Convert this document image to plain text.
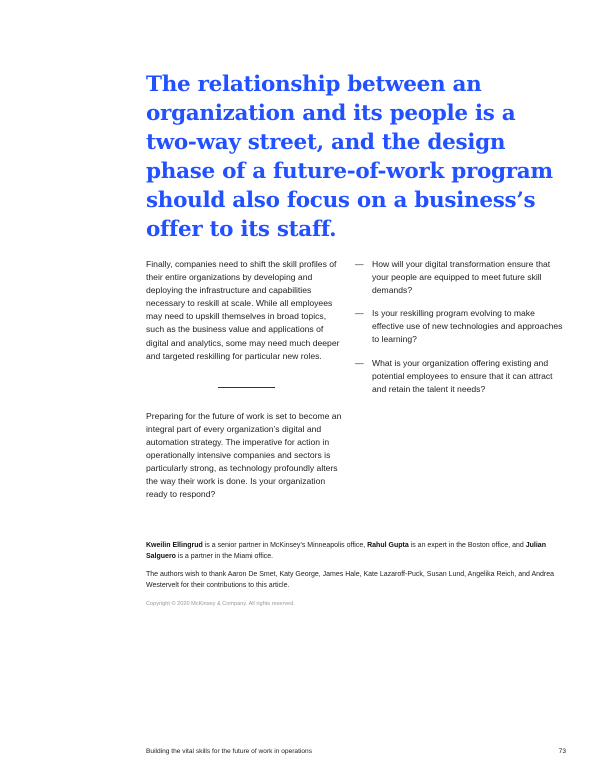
The relationship between an organization and its people is a two-way street, and the design phase of a future-of-work program should also focus on a business’s offer to its staff.

Finally, companies need to shift the skill profiles of their entire organizations by developing and deploying the infrastructure and capabilities necessary to reskill at scale. While all employees may need to upskill themselves in broad topics, such as the business value and applications of digital and analytics, some may need much deeper and targeted reskilling for particular new roles.

Preparing for the future of work is set to become an integral part of every organization’s digital and automation strategy. The imperative for action in operationally intensive companies and sectors is particularly strong, as technology profoundly alters the way their work is done. Is your organization ready to respond?

— How will your digital transformation ensure that your people are equipped to meet future skill demands?
— Is your reskilling program evolving to make effective use of new technologies and approaches to learning?
— What is your organization offering existing and potential employees to ensure that it can attract and retain the talent it needs?

Kweilin Ellingrud is a senior partner in McKinsey’s Minneapolis office, Rahul Gupta is an expert in the Boston office, and Julian Salguero is a partner in the Miami office.

The authors wish to thank Aaron De Smet, Katy George, James Hale, Kate Lazaroff-Puck, Susan Lund, Angelika Reich, and Andrea Westervelt for their contributions to this article.

Copyright © 2020 McKinsey & Company. All rights reserved.

Building the vital skills for the future of work in operations	73
